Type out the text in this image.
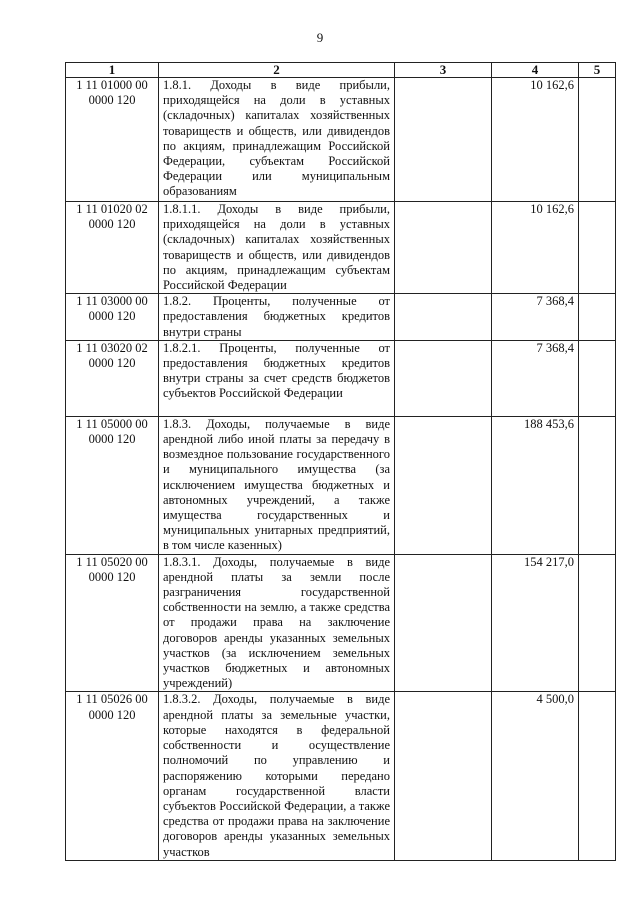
9
1	2	3	4	5
1 11 01000 00 0000 120	1.8.1. Доходы в виде прибыли, приходящейся на доли в уставных (складочных) капиталах хозяйственных товариществ и обществ, или дивидендов по акциям, принадлежащим Российской Федерации, субъектам Российской Федерации или муниципальным образованиям		10 162,6	
1 11 01020 02 0000 120	1.8.1.1. Доходы в виде прибыли, приходящейся на доли в уставных (складочных) капиталах хозяйственных товариществ и обществ, или дивидендов по акциям, принадлежащим субъектам Российской Федерации		10 162,6	
1 11 03000 00 0000 120	1.8.2. Проценты, полученные от предоставления бюджетных кредитов внутри страны		7 368,4	
1 11 03020 02 0000 120	1.8.2.1. Проценты, полученные от предоставления бюджетных кредитов внутри страны за счет средств бюджетов субъектов Российской Федерации		7 368,4	
1 11 05000 00 0000 120	1.8.3. Доходы, получаемые в виде арендной либо иной платы за передачу в возмездное пользование государственного и муниципального имущества (за исключением имущества бюджетных и автономных учреждений, а также имущества государственных и муниципальных унитарных предприятий, в том числе казенных)		188 453,6	
1 11 05020 00 0000 120	1.8.3.1. Доходы, получаемые в виде арендной платы за земли после разграничения государственной собственности на землю, а также средства от продажи права на заключение договоров аренды указанных земельных участков (за исключением земельных участков бюджетных и автономных учреждений)		154 217,0	
1 11 05026 00 0000 120	1.8.3.2. Доходы, получаемые в виде арендной платы за земельные участки, которые находятся в федеральной собственности и осуществление полномочий по управлению и распоряжению которыми передано органам государственной власти субъектов Российской Федерации, а также средства от продажи права на заключение договоров аренды указанных земельных участков		4 500,0	
